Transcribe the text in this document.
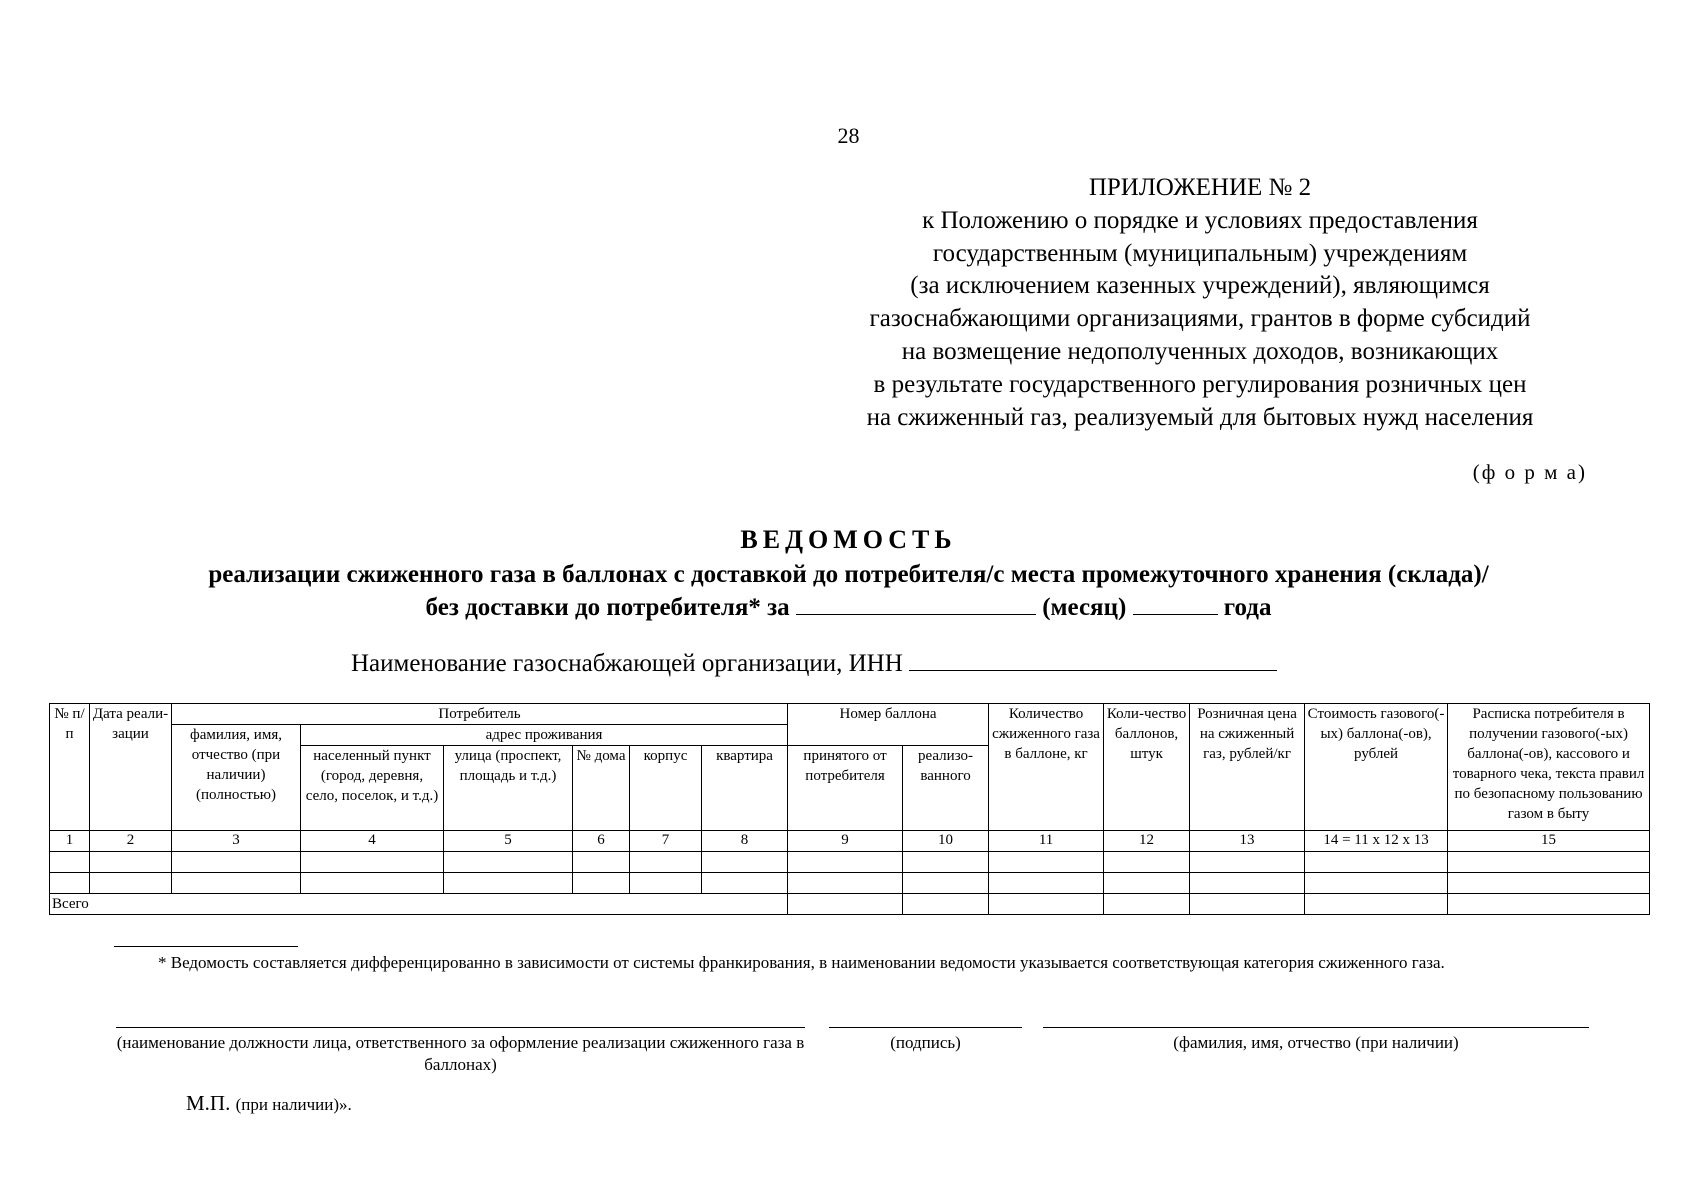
28
ПРИЛОЖЕНИЕ № 2
к Положению о порядке и условиях предоставления
государственным (муниципальным) учреждениям
(за исключением казенных учреждений), являющимся
газоснабжающими организациями, грантов в форме субсидий
на возмещение недополученных доходов, возникающих
в результате государственного регулирования розничных цен
на сжиженный газ, реализуемый для бытовых нужд населения
(ф о р м а)
ВЕДОМОСТЬ
реализации сжиженного газа в баллонах с доставкой до потребителя/с места промежуточного хранения (склада)/
без доставки до потребителя* за	(месяц)	года
Наименование газоснабжающей организации, ИНН
№ п/п	Дата реали-зации	Потребитель						Номер баллона		Количество сжиженного газа в баллоне, кг	Коли-чество баллонов, штук	Розничная цена на сжиженный газ, рублей/кг	Стоимость газового(-ых) баллона(-ов), рублей	Расписка потребителя в получении газового(-ых) баллона(-ов), кассового и товарного чека, текста правил по безопасному пользованию газом в быту
		фамилия, имя, отчество (при наличии) (полностью)	адрес проживания											
			населенный пункт (город, деревня, село, поселок, и т.д.)	улица (проспект, площадь и т.д.)	№ дома	корпус	квартира	принятого от потребителя	реализо-ванного					
1	2	3	4	5	6	7	8	9	10	11	12	13	14 = 11 х 12 х 13	15

Всего														
* Ведомость составляется дифференцированно в зависимости от системы франкирования, в наименовании ведомости указывается соответствующая категория сжиженного газа.
(наименование должности лица, ответственного за оформление реализации сжиженного газа в баллонах)
(подпись)	(фамилия, имя, отчество (при наличии)
М.П. (при наличии)».
